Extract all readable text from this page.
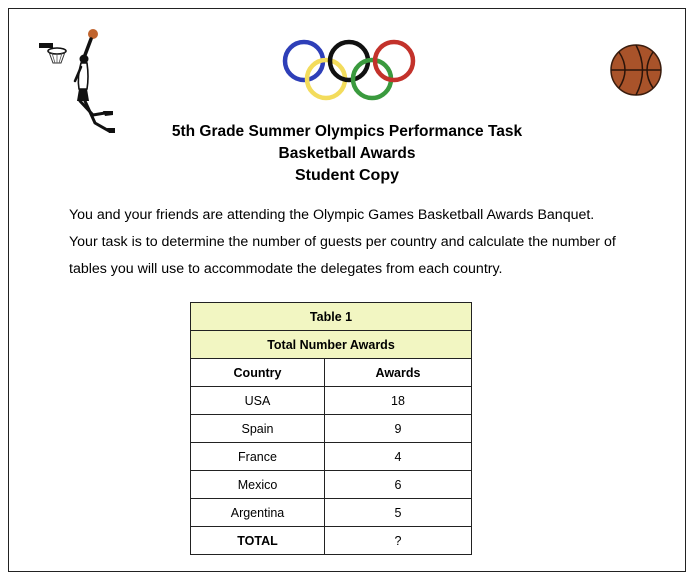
5th Grade Summer Olympics Performance Task
Basketball Awards
Student Copy

You and your friends are attending the Olympic Games Basketball Awards Banquet.

Your task is to determine the number of guests per country and calculate the number of

tables you will use to accommodate the delegates from each country.

Table 1	
Total Number Awards	
Country	Awards
USA	18
Spain	9
France	4
Mexico	6
Argentina	5
TOTAL	?
